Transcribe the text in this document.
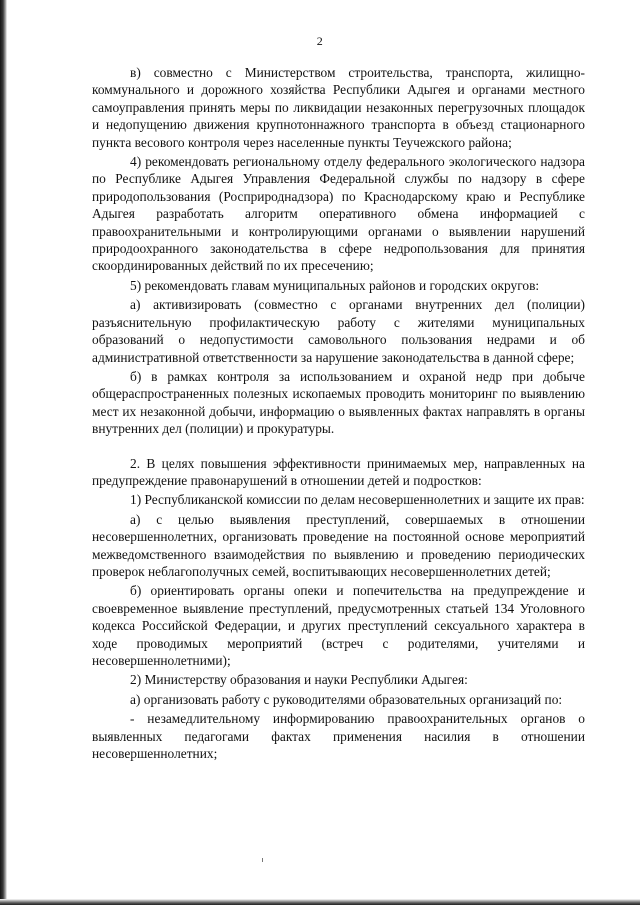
2

в) совместно с Министерством строительства, транспорта, жилищно-коммунального и дорожного хозяйства Республики Адыгея и органами местного самоуправления принять меры по ликвидации незаконных перегрузочных площадок и недопущению движения крупнотоннажного транспорта в объезд стационарного пункта весового контроля через населенные пункты Теучежского района;

4) рекомендовать региональному отделу федерального экологического надзора по Республике Адыгея Управления Федеральной службы по надзору в сфере природопользования (Росприроднадзора) по Краснодарскому краю и Республике Адыгея разработать алгоритм оперативного обмена информацией с правоохранительными и контролирующими органами о выявлении нарушений природоохранного законодательства в сфере недропользования для принятия скоординированных действий по их пресечению;

5) рекомендовать главам муниципальных районов и городских округов:

а) активизировать (совместно с органами внутренних дел (полиции) разъяснительную профилактическую работу с жителями муниципальных образований о недопустимости самовольного пользования недрами и об административной ответственности за нарушение законодательства в данной сфере;

б) в рамках контроля за использованием и охраной недр при добыче общераспространенных полезных ископаемых проводить мониторинг по выявлению мест их незаконной добычи, информацию о выявленных фактах направлять в органы внутренних дел (полиции) и прокуратуры.

2. В целях повышения эффективности принимаемых мер, направленных на предупреждение правонарушений в отношении детей и подростков:

1) Республиканской комиссии по делам несовершеннолетних и защите их прав:

а) с целью выявления преступлений, совершаемых в отношении несовершеннолетних, организовать проведение на постоянной основе мероприятий межведомственного взаимодействия по выявлению и проведению периодических проверок неблагополучных семей, воспитывающих несовершеннолетних детей;

б) ориентировать органы опеки и попечительства на предупреждение и своевременное выявление преступлений, предусмотренных статьей 134 Уголовного кодекса Российской Федерации, и других преступлений сексуального характера в ходе проводимых мероприятий (встреч с родителями, учителями и несовершеннолетними);

2) Министерству образования и науки Республики Адыгея:

а) организовать работу с руководителями образовательных организаций по:

- незамедлительному информированию правоохранительных органов о выявленных педагогами фактах применения насилия в отношении несовершеннолетних;
